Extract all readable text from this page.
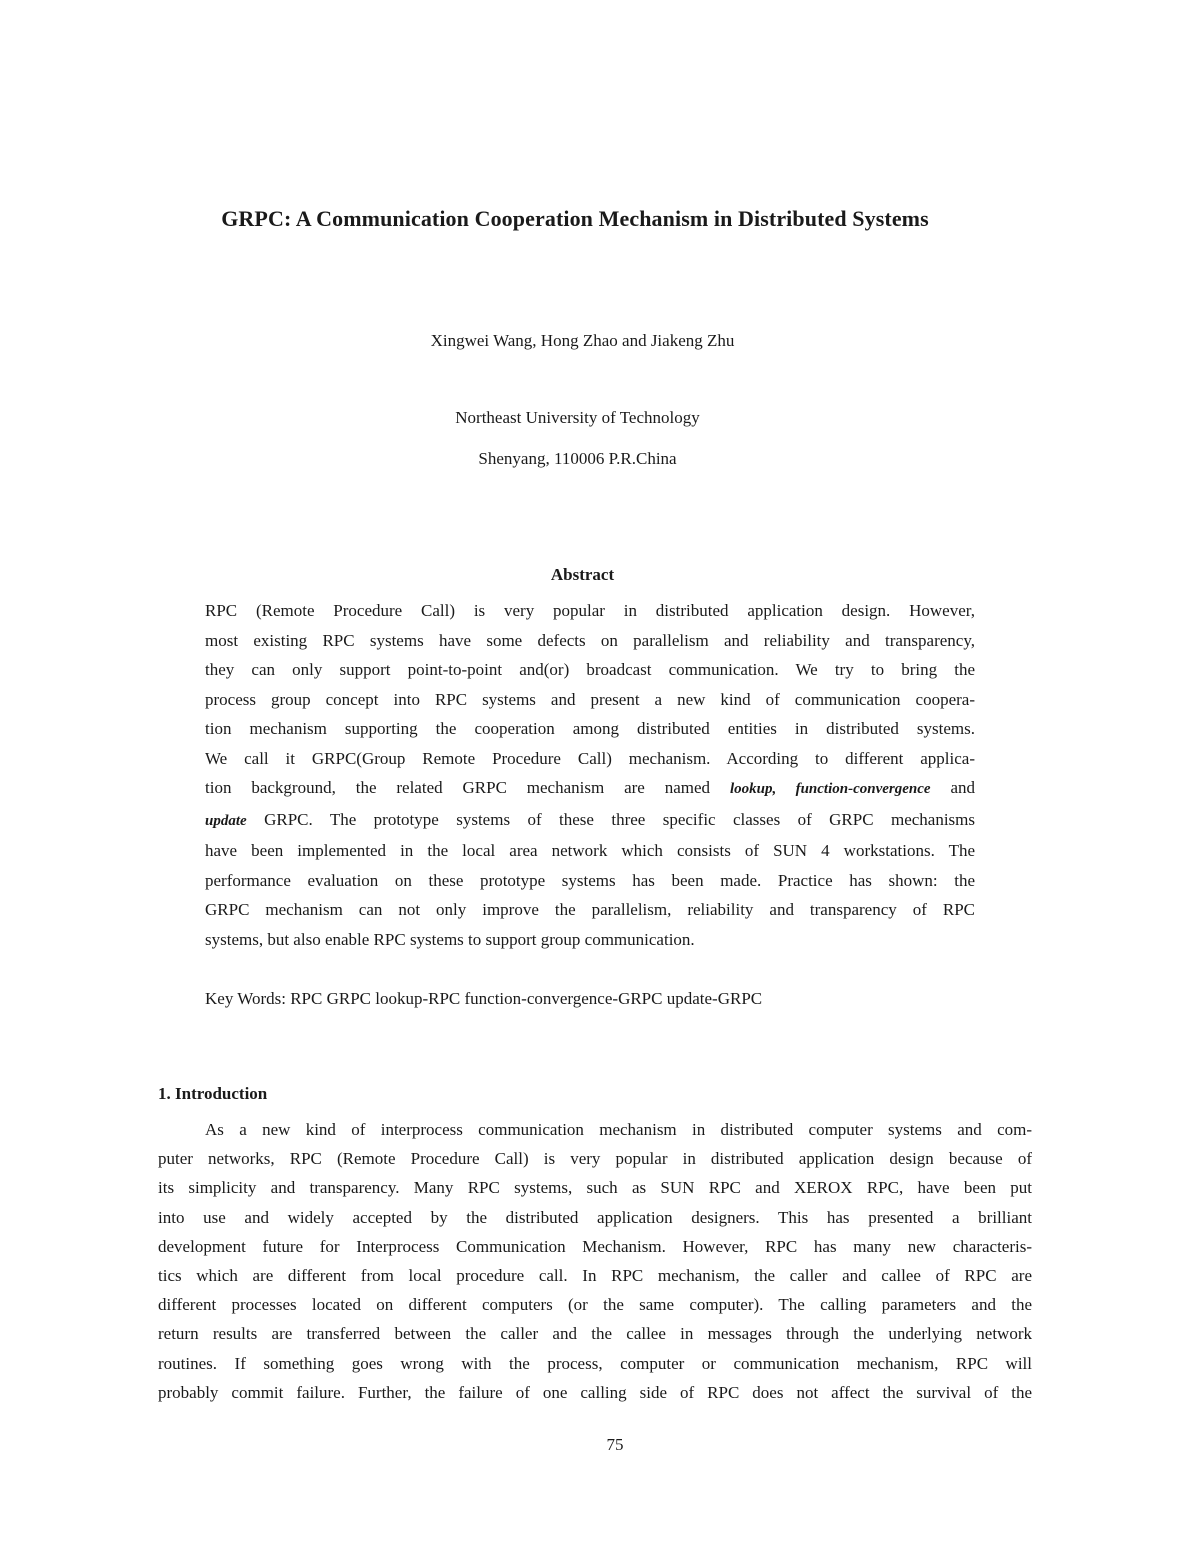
GRPC: A Communication Cooperation Mechanism in Distributed Systems
Xingwei Wang, Hong Zhao and Jiakeng Zhu
Northeast University of Technology
Shenyang, 110006 P.R.China
Abstract
RPC (Remote Procedure Call) is very popular in distributed application design. However,
most existing RPC systems have some defects on parallelism and reliability and transparency,
they can only support point-to-point and(or) broadcast communication. We try to bring the
process group concept into RPC systems and present a new kind of communication coopera-
tion mechanism supporting the cooperation among distributed entities in distributed systems.
We call it GRPC(Group Remote Procedure Call) mechanism. According to different applica-
tion background, the related GRPC mechanism are named lookup, function-convergence and
update GRPC. The prototype systems of these three specific classes of GRPC mechanisms
have been implemented in the local area network which consists of SUN 4 workstations. The
performance evaluation on these prototype systems has been made. Practice has shown: the
GRPC mechanism can not only improve the parallelism, reliability and transparency of RPC
systems, but also enable RPC systems to support group communication.
Key Words: RPC GRPC lookup-RPC function-convergence-GRPC update-GRPC
1. Introduction
As a new kind of interprocess communication mechanism in distributed computer systems and com-
puter networks, RPC (Remote Procedure Call) is very popular in distributed application design because of
its simplicity and transparency. Many RPC systems, such as SUN RPC and XEROX RPC, have been put
into use and widely accepted by the distributed application designers. This has presented a brilliant
development future for Interprocess Communication Mechanism. However, RPC has many new characteris-
tics which are different from local procedure call. In RPC mechanism, the caller and callee of RPC are
different processes located on different computers (or the same computer). The calling parameters and the
return results are transferred between the caller and the callee in messages through the underlying network
routines. If something goes wrong with the process, computer or communication mechanism, RPC will
probably commit failure. Further, the failure of one calling side of RPC does not affect the survival of the
75
